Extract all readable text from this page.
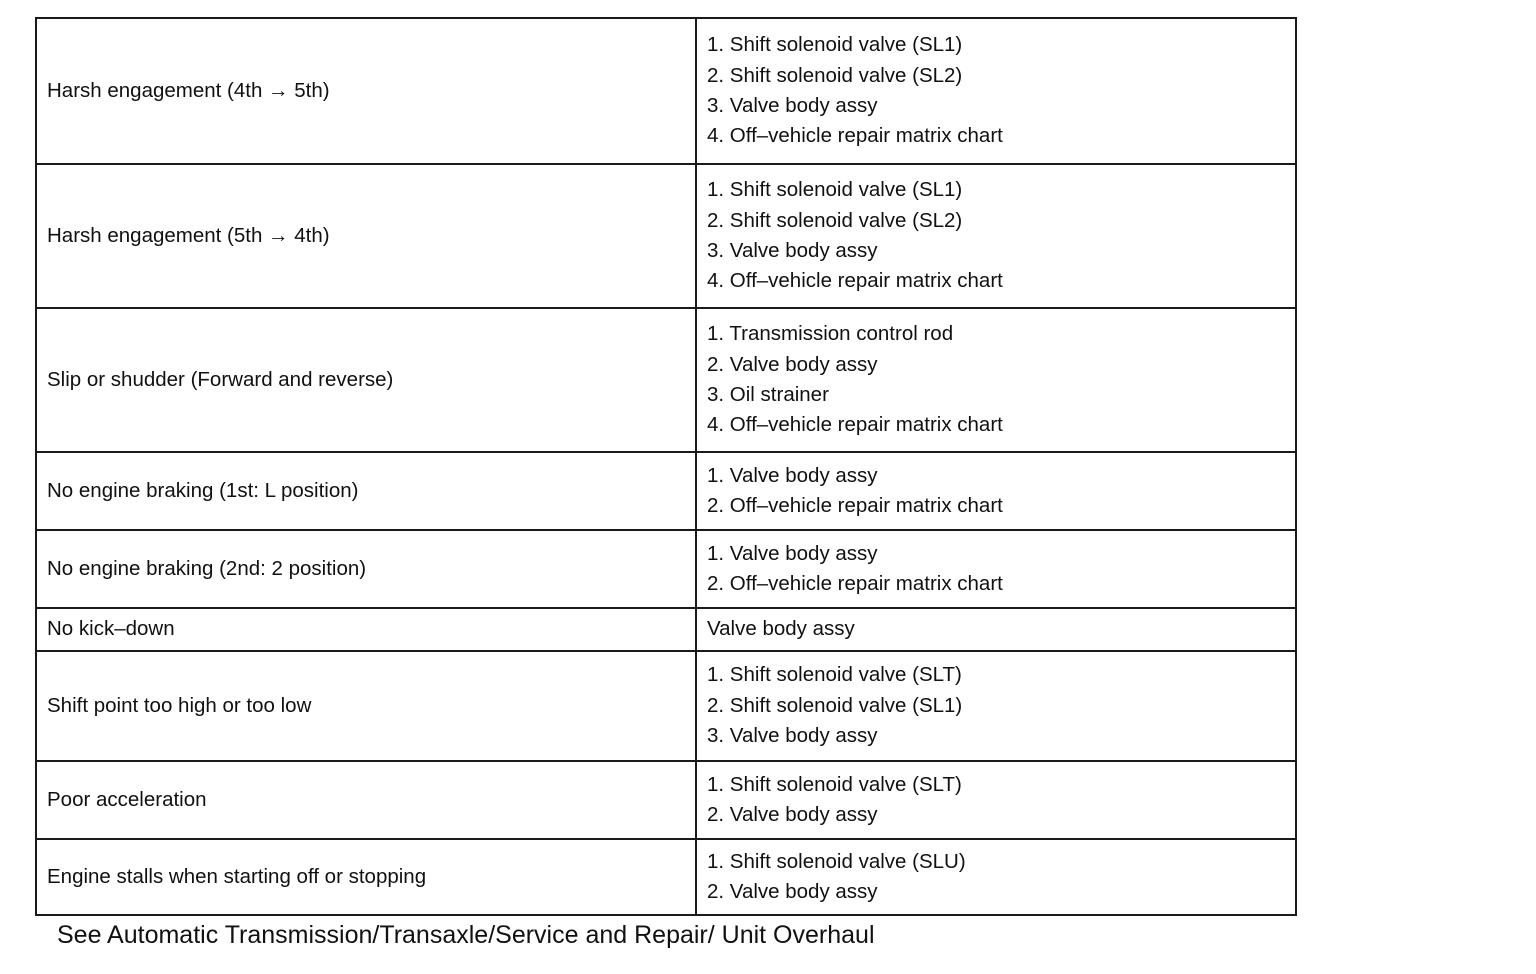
Harsh engagement (4th → 5th)	1. Shift solenoid valve (SL1)
2. Shift solenoid valve (SL2)
3. Valve body assy
4. Off–vehicle repair matrix chart

Harsh engagement (5th → 4th)	1. Shift solenoid valve (SL1)
2. Shift solenoid valve (SL2)
3. Valve body assy
4. Off–vehicle repair matrix chart

Slip or shudder (Forward and reverse)	1. Transmission control rod
2. Valve body assy
3. Oil strainer
4. Off–vehicle repair matrix chart

No engine braking (1st: L position)	1. Valve body assy
2. Off–vehicle repair matrix chart

No engine braking (2nd: 2 position)	1. Valve body assy
2. Off–vehicle repair matrix chart

No kick–down	Valve body assy

Shift point too high or too low	1. Shift solenoid valve (SLT)
2. Shift solenoid valve (SL1)
3. Valve body assy

Poor acceleration	1. Shift solenoid valve (SLT)
2. Valve body assy

Engine stalls when starting off or stopping	1. Shift solenoid valve (SLU)
2. Valve body assy
See Automatic Transmission/Transaxle/Service and Repair/ Unit Overhaul
